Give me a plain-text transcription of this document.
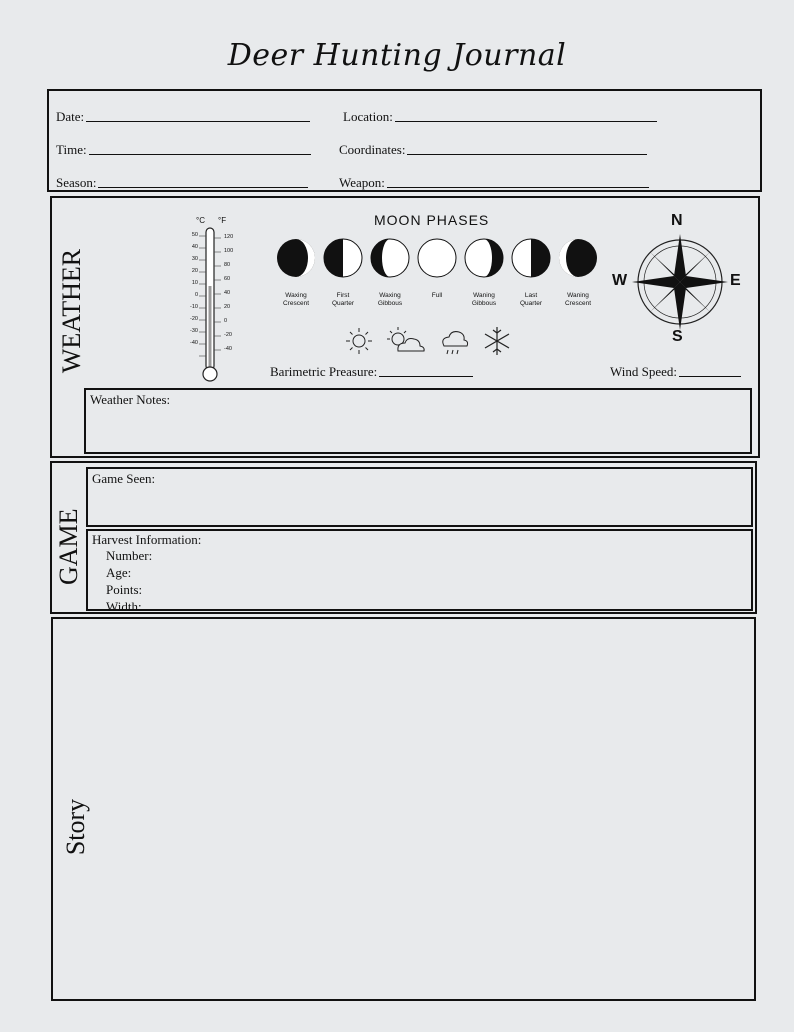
Deer Hunting Journal
Date:	Location:
Time:	Coordinates:
Season:	Weapon:
WEATHER
°C °F
50
40
30
20
10
0
-10
-20
-30
-40
120
100
80
60
40
20
0
-20
-40
MOON PHASES
Waxing
Crescent
First
Quarter
Waxing
Gibbous
Full	Waning
Gibbous
Last
Quarter
Waning
Crescent
N
S
W	E
Barimetric Preasure:	Wind Speed:
Weather Notes:
GAME
Game Seen:
Harvest Information:
Number:
Age:
Points:
Width:
Story
